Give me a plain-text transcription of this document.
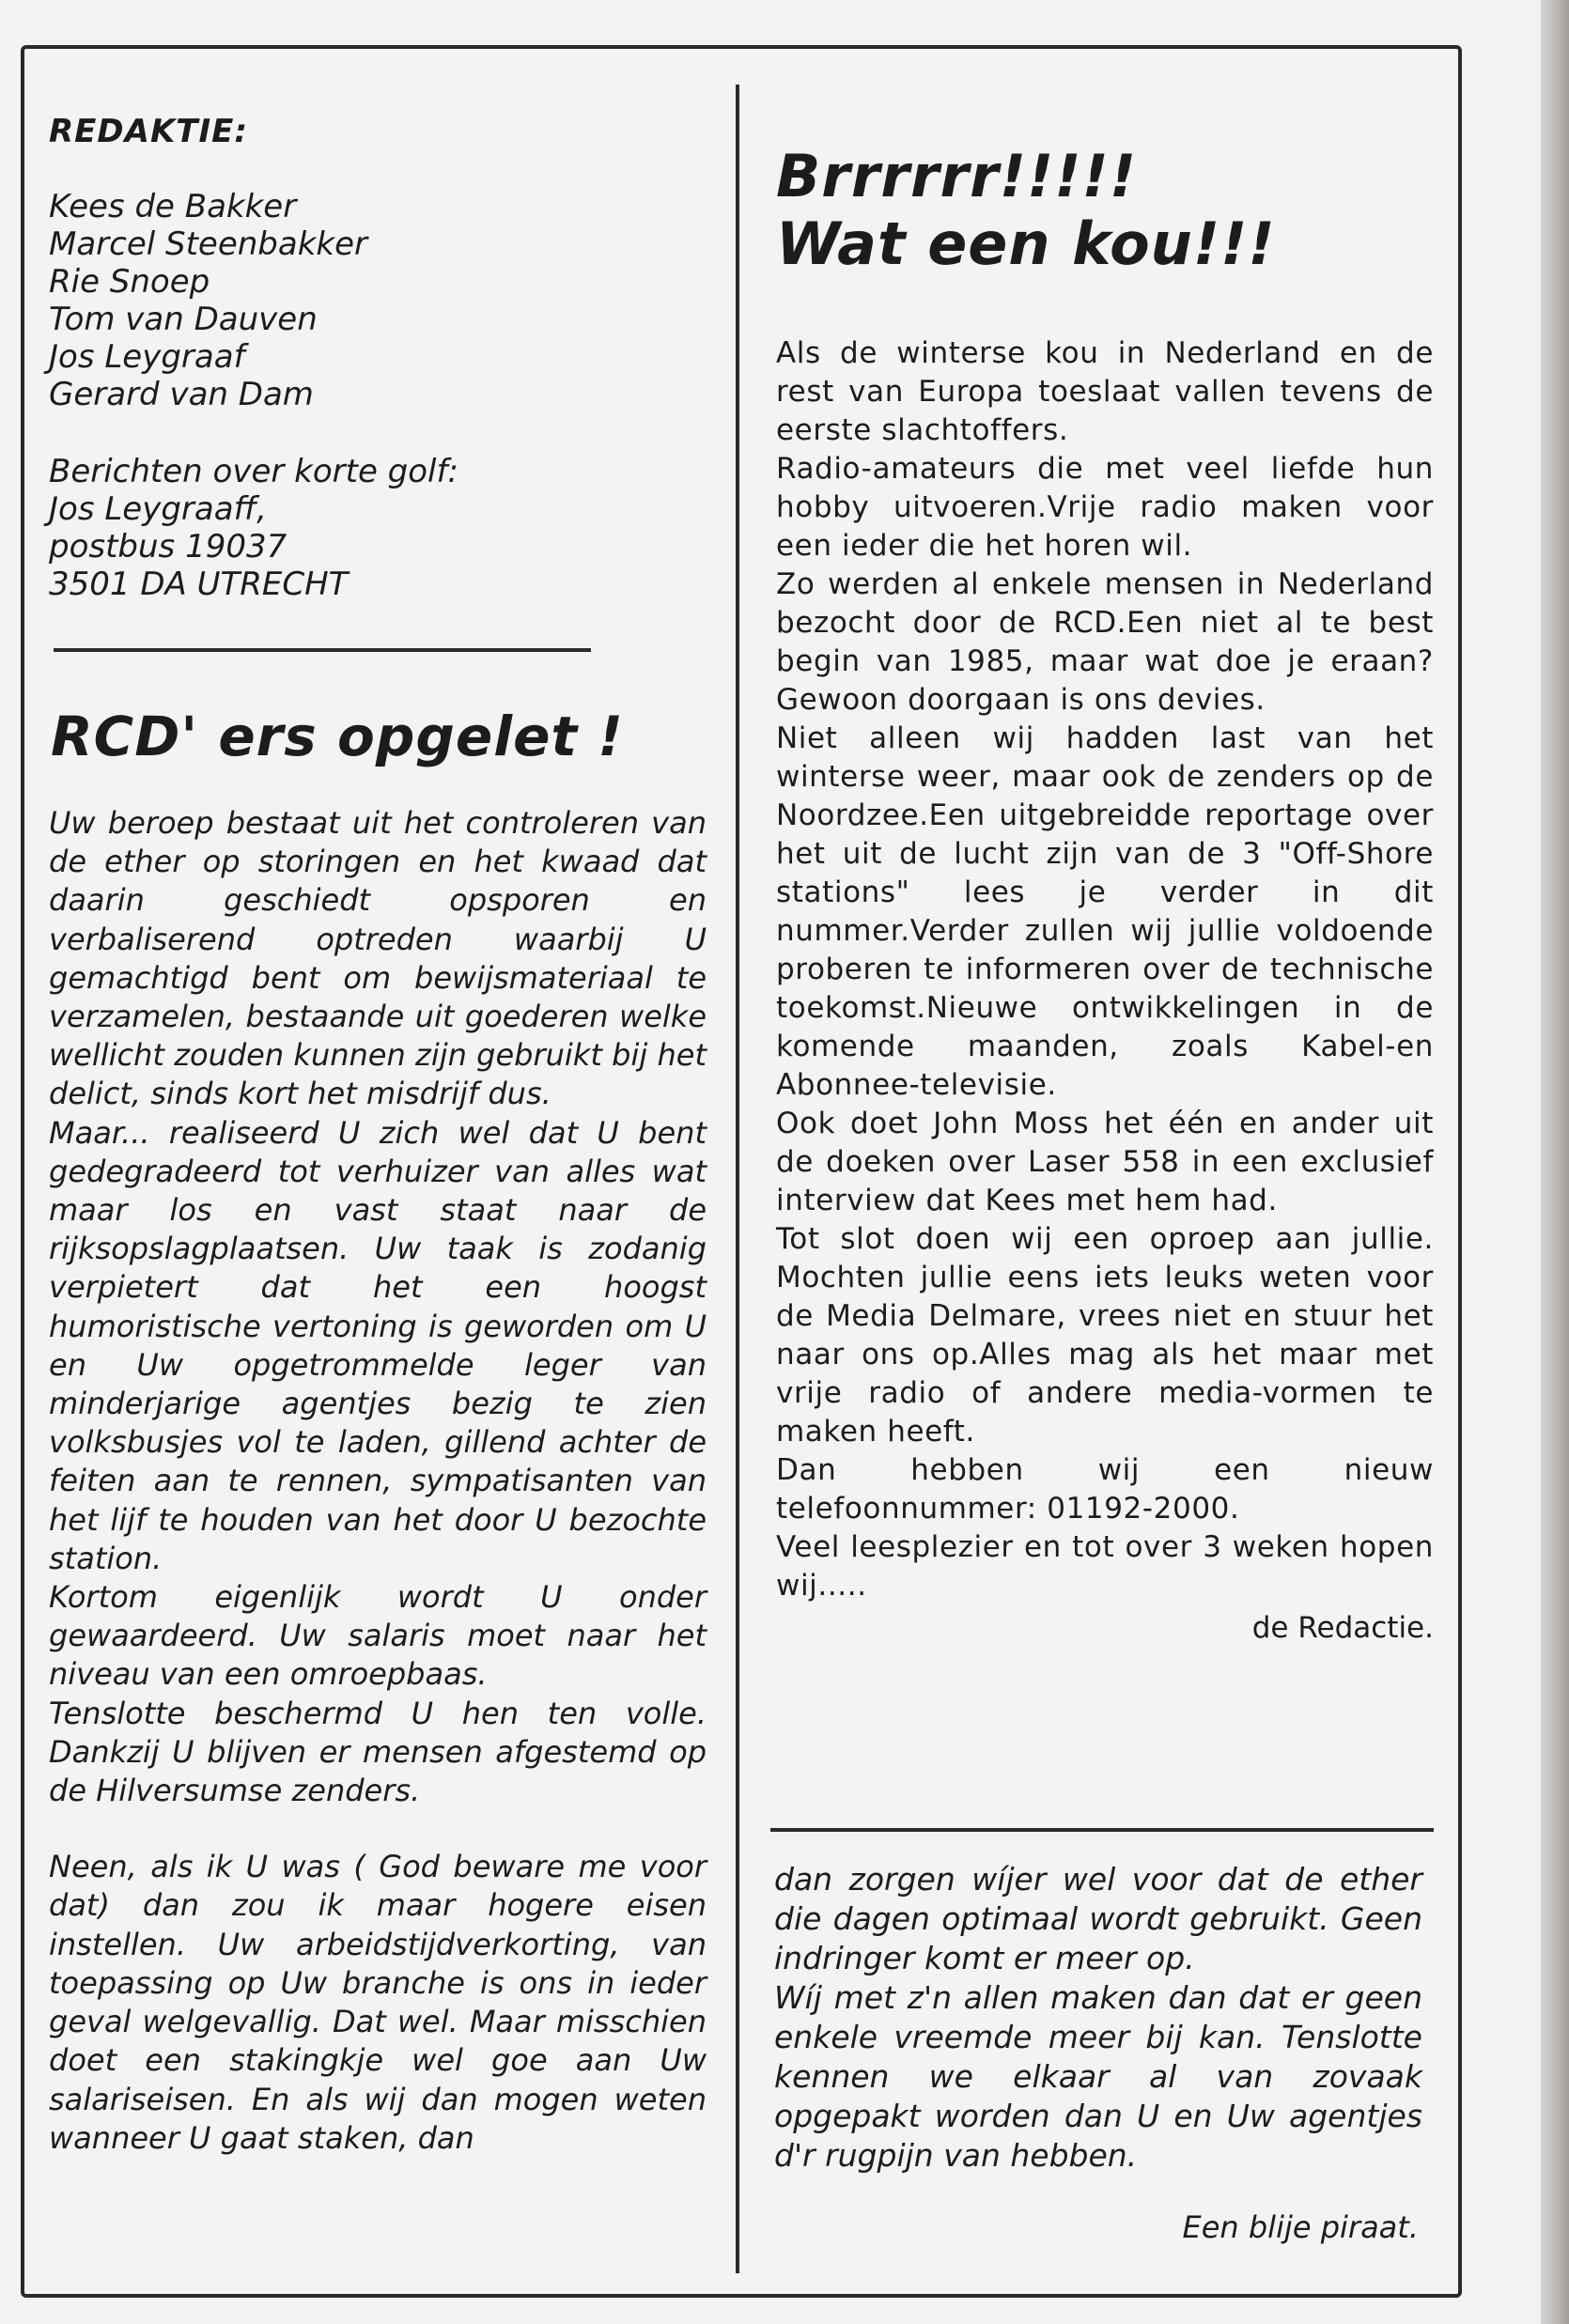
REDAKTIE:
Kees de Bakker
Marcel Steenbakker
Rie Snoep
Tom van Dauven
Jos Leygraaf
Gerard van Dam
Berichten over korte golf:
Jos Leygraaff,
postbus 19037
3501 DA UTRECHT
RCD' ers opgelet !

Uw beroep bestaat uit het controleren van de ether op storingen en het kwaad dat daarin geschiedt opsporen en verbaliserend optreden waarbij U gemachtigd bent om bewijsmateriaal te verzamelen, bestaande uit goederen welke wellicht zouden kunnen zijn gebruikt bij het delict, sinds kort het misdrijf dus.

Maar... realiseerd U zich wel dat U bent gedegradeerd tot verhuizer van alles wat maar los en vast staat naar de rijksopslagplaatsen. Uw taak is zodanig verpietert dat het een hoogst humoristische vertoning is geworden om U en Uw opgetrommelde leger van minderjarige agentjes bezig te zien volksbusjes vol te laden, gillend achter de feiten aan te rennen, sympatisanten van het lijf te houden van het door U bezochte station.

Kortom eigenlijk wordt U onder gewaardeerd. Uw salaris moet naar het niveau van een omroepbaas.

Tenslotte beschermd U hen ten volle. Dankzij U blijven er mensen afgestemd op de Hilversumse zenders.

Neen, als ik U was ( God beware me voor dat) dan zou ik maar hogere eisen instellen. Uw arbeidstijdverkorting, van toepassing op Uw branche is ons in ieder geval welgevallig. Dat wel. Maar misschien doet een stakingkje wel goe aan Uw salariseisen. En als wij dan mogen weten wanneer U gaat staken, dan

Brrrrrr!!!!!
Wat een kou!!!

Als de winterse kou in Nederland en de rest van Europa toeslaat vallen tevens de eerste slachtoffers.

Radio-amateurs die met veel liefde hun hobby uitvoeren.Vrije radio maken voor een ieder die het horen wil.

Zo werden al enkele mensen in Nederland bezocht door de RCD.Een niet al te best begin van 1985, maar wat doe je eraan? Gewoon doorgaan is ons devies.

Niet alleen wij hadden last van het winterse weer, maar ook de zenders op de Noordzee.Een uitgebreidde reportage over het uit de lucht zijn van de 3 "Off-Shore stations" lees je verder in dit nummer.Verder zullen wij jullie voldoende proberen te informeren over de technische toekomst.Nieuwe ontwikkelingen in de komende maanden, zoals Kabel-en Abonnee-televisie.

Ook doet John Moss het één en ander uit de doeken over Laser 558 in een exclusief interview dat Kees met hem had.

Tot slot doen wij een oproep aan jullie. Mochten jullie eens iets leuks weten voor de Media Delmare, vrees niet en stuur het naar ons op.Alles mag als het maar met vrije radio of andere media-vormen te maken heeft.

Dan hebben wij een nieuw telefoonnummer: 01192-2000.

Veel leesplezier en tot over 3 weken hopen wij.....

de Redactie.

dan zorgen wíjer wel voor dat de ether die dagen optimaal wordt gebruikt. Geen indringer komt er meer op.

Wíj met z'n allen maken dan dat er geen enkele vreemde meer bij kan. Tenslotte kennen we elkaar al van zovaak opgepakt worden dan U en Uw agentjes d'r rugpijn van hebben.

Een blije piraat.
